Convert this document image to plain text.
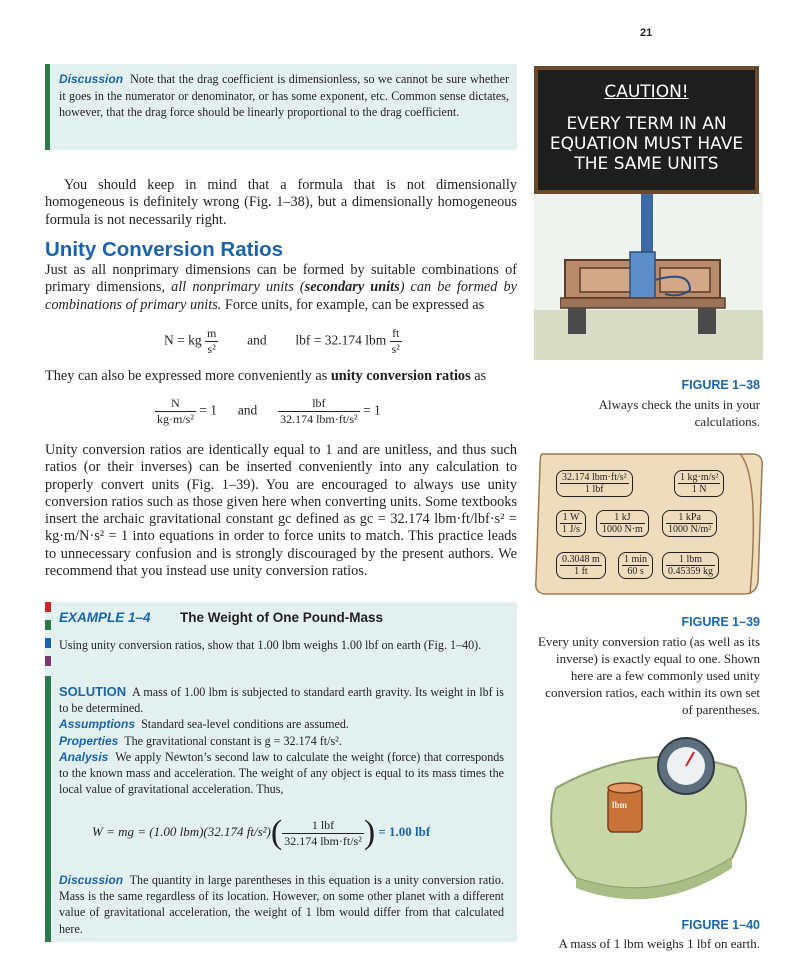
21
Discussion Note that the drag coefficient is dimensionless, so we cannot be sure whether it goes in the numerator or denominator, or has some exponent, etc. Common sense dictates, however, that the drag force should be linearly proportional to the drag coefficient.
You should keep in mind that a formula that is not dimensionally homogeneous is definitely wrong (Fig. 1–38), but a dimensionally homogeneous formula is not necessarily right.
Unity Conversion Ratios
Just as all nonprimary dimensions can be formed by suitable combinations of primary dimensions, all nonprimary units (secondary units) can be formed by combinations of primary units. Force units, for example, can be expressed as
N = kg $\frac{m}{\text{s²}}$ and lbf = 32.174 lbm $\frac{ft}{\text{s²}}$
They can also be expressed more conveniently as unity conversion ratios as
$\frac{N}{\text{kg·m/s²}} = 1$ and $\frac{\text{lbf}}{\text{32.174 lbm·ft/s²}} = 1$
Unity conversion ratios are identically equal to 1 and are unitless, and thus such ratios (or their inverses) can be inserted conveniently into any calculation to properly convert units (Fig. 1–39). You are encouraged to always use unity conversion ratios such as those given here when converting units. Some textbooks insert the archaic gravitational constant gc defined as gc = 32.174 lbm·ft/lbf·s² = kg·m/N·s² = 1 into equations in order to force units to match. This practice leads to unnecessary confusion and is strongly discouraged by the present authors. We recommend that you instead use unity conversion ratios.
EXAMPLE 1–4 The Weight of One Pound-Mass
Using unity conversion ratios, show that 1.00 lbm weighs 1.00 lbf on earth (Fig. 1–40).
SOLUTION A mass of 1.00 lbm is subjected to standard earth gravity. Its weight in lbf is to be determined.
Assumptions Standard sea-level conditions are assumed.
Properties The gravitational constant is g = 32.174 ft/s².
Analysis We apply Newton’s second law to calculate the weight (force) that corresponds to the known mass and acceleration. The weight of any object is equal to its mass times the local value of gravitational acceleration. Thus,
W = mg = (1.00 lbm)(32.174 $ft/s^2)( \frac{\text{1 lbf}}{\text{32.174 lbm·ft/s²}}$ ) = 1.00 lbf
Discussion The quantity in large parentheses in this equation is a unity conversion ratio. Mass is the same regardless of its location. However, on some other planet with a different value of gravitational acceleration, the weight of 1 lbm would differ from that calculated here.
CAUTION!
EVERY TERM IN AN
EQUATION MUST HAVE
THE SAME UNITS
FIGURE 1–38
Always check the units in your calculations.
$\frac{\text{32.174 lbm·ft/s²}}{\text{1 lbf}}$	$\frac{\text{1 kg·m/s²}}{1 N}$
$\frac{1 W}{1 J/s} \frac{1 kJ}{1000 N\cdot m} \frac{\text{1 kPa}}{\text{1000 N/m²}}$
$\frac{0.3048 m}{1 ft} \frac{1 \min}{60 s} \frac{\text{1 lbm}}{0.45359 kg}$
FIGURE 1–39
Every unity conversion ratio (as well as its inverse) is exactly equal to one. Shown here are a few commonly used unity conversion ratios, each within its own set of parentheses.
lbm
FIGURE 1–40
A mass of 1 lbm weighs 1 lbf on earth.
